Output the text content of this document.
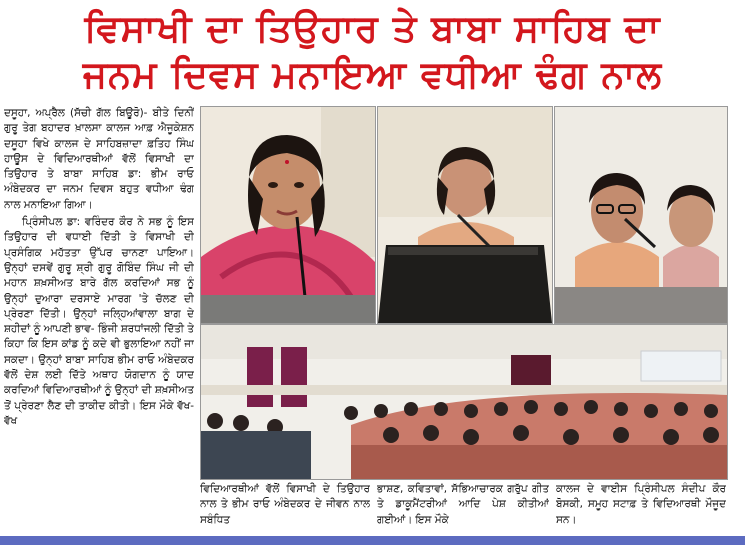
ਵਿਸਾਖੀ ਦਾ ਤਿਉਹਾਰ ਤੇ ਬਾਬਾ ਸਾਹਿਬ ਦਾ
ਜਨਮ ਦਿਵਸ ਮਨਾਇਆ ਵਧੀਆ ਢੰਗ ਨਾਲ

ਦਸੂਹਾ, ਅਪ੍ਰੈਲ (ਸੱਚੀ ਗੱਲ ਬਿਊਰੋ)- ਬੀਤੇ ਦਿਨੀਂ ਗੁਰੂ ਤੇਗ ਬਹਾਦਰ ਖ਼ਾਲਸਾ ਕਾਲਜ ਆਫ਼ ਐਜੂਕੇਸ਼ਨ ਦਸੂਹਾ ਵਿਖੇ ਕਾਲਜ ਦੇ ਸਾਹਿਬਜ਼ਾਦਾ ਫ਼ਤਿਹ ਸਿੰਘ ਹਾਊਸ ਦੇ ਵਿਦਿਆਰਥੀਆਂ ਵੱਲੋਂ ਵਿਸਾਖੀ ਦਾ ਤਿਉਹਾਰ ਤੇ ਬਾਬਾ ਸਾਹਿਬ ਡਾ: ਭੀਮ ਰਾਓ ਅੰਬੇਦਕਰ ਦਾ ਜਨਮ ਦਿਵਸ ਬਹੁਤ ਵਧੀਆ ਢੰਗ ਨਾਲ ਮਨਾਇਆ ਗਿਆ।

ਪ੍ਰਿੰਸੀਪਲ ਡਾ: ਵਰਿੰਦਰ ਕੌਰ ਨੇ ਸਭ ਨੂੰ ਇਸ ਤਿਉਹਾਰ ਦੀ ਵਧਾਈ ਦਿੱਤੀ ਤੇ ਵਿਸਾਖੀ ਦੀ ਪ੍ਰਸੰਗਿਕ ਮਹੱਤਤਾ ਉੱਪਰ ਚਾਨਣਾ ਪਾਇਆ। ਉਨ੍ਹਾਂ ਦਸਵੇਂ ਗੁਰੂ ਸ਼੍ਰੀ ਗੁਰੂ ਗੋਬਿੰਦ ਸਿੰਘ ਜੀ ਦੀ ਮਹਾਨ ਸ਼ਖ਼ਸੀਅਤ ਬਾਰੇ ਗੱਲ ਕਰਦਿਆਂ ਸਭ ਨੂੰ ਉਨ੍ਹਾਂ ਦੁਆਰਾ ਦਰਸਾਏ ਮਾਰਗ 'ਤੇ ਚੱਲਣ ਦੀ ਪ੍ਰੇਰਣਾ ਦਿੱਤੀ। ਉਨ੍ਹਾਂ ਜਲ੍ਹਿਆਂਵਾਲਾ ਬਾਗ ਦੇ ਸ਼ਹੀਦਾਂ ਨੂੰ ਆਪਣੀ ਭਾਵ- ਭਿੰਜੀ ਸ਼ਰਧਾਂਜਲੀ ਦਿੱਤੀ ਤੇ ਕਿਹਾ ਕਿ ਇਸ ਕਾਂਡ ਨੂੰ ਕਦੇ ਵੀ ਭੁਲਾਇਆ ਨਹੀਂ ਜਾ ਸਕਦਾ। ਉਨ੍ਹਾਂ ਬਾਬਾ ਸਾਹਿਬ ਭੀਮ ਰਾਓ ਅੰਬੇਦਕਰ ਵੱਲੋਂ ਦੇਸ਼ ਲਈ ਦਿੱਤੇ ਅਥਾਹ ਯੋਗਦਾਨ ਨੂੰ ਯਾਦ ਕਰਦਿਆਂ ਵਿਦਿਆਰਥੀਆਂ ਨੂੰ ਉਨ੍ਹਾਂ ਦੀ ਸ਼ਖ਼ਸੀਅਤ ਤੋਂ ਪ੍ਰੇਰਣਾ ਲੈਣ ਦੀ ਤਾਕੀਦ ਕੀਤੀ। ਇਸ ਮੌਕੇ ਵੱਖ- ਵੱਖ

ਵਿਦਿਆਰਥੀਆਂ ਵੱਲੋਂ ਵਿਸਾਖੀ ਦੇ ਤਿਉਹਾਰ ਨਾਲ ਤੇ ਭੀਮ ਰਾਓ ਅੰਬੇਦਕਰ ਦੇ ਜੀਵਨ ਨਾਲ ਸਬੰਧਿਤ
ਭਾਸ਼ਣ, ਕਵਿਤਾਵਾਂ, ਸੱਭਿਆਚਾਰਕ ਗਰੁੱਪ ਗੀਤ ਤੇ ਡਾਕੂਮੈਂਟਰੀਆਂ ਆਦਿ ਪੇਸ਼ ਕੀਤੀਆਂ ਗਈਆਂ। ਇਸ ਮੌਕੇ
ਕਾਲਜ ਦੇ ਵਾਈਸ ਪ੍ਰਿੰਸੀਪਲ ਸੰਦੀਪ ਕੌਰ ਬੋਸਕੀ, ਸਮੂਹ ਸਟਾਫ਼ ਤੇ ਵਿਦਿਆਰਥੀ ਮੌਜੂਦ ਸਨ।
